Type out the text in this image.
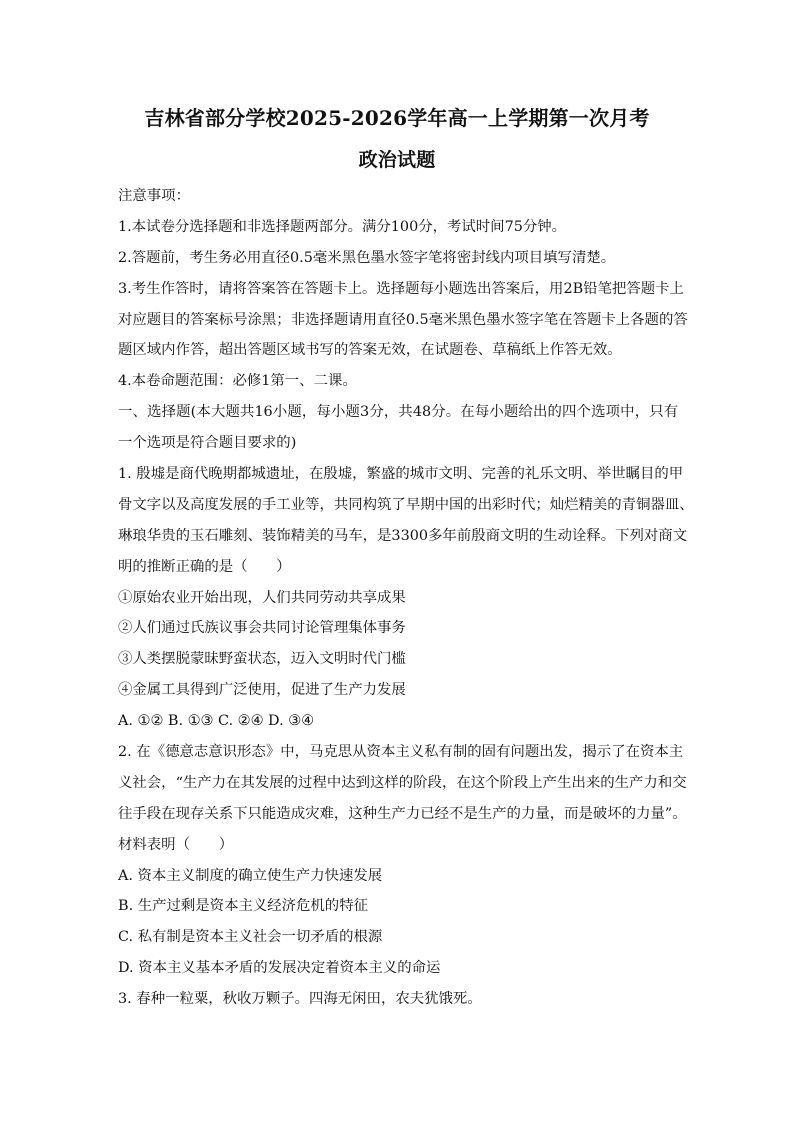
吉林省部分学校2025-2026学年高一上学期第一次月考
政治试题
注意事项：
1.本试卷分选择题和非选择题两部分。满分100分，考试时间75分钟。
2.答题前，考生务必用直径0.5毫米黑色墨水签字笔将密封线内项目填写清楚。
3.考生作答时，请将答案答在答题卡上。选择题每小题选出答案后，用2B铅笔把答题卡上
对应题目的答案标号涂黑；非选择题请用直径0.5毫米黑色墨水签字笔在答题卡上各题的答
题区域内作答，超出答题区域书写的答案无效，在试题卷、草稿纸上作答无效。
4.本卷命题范围：必修1第一、二课。
一、选择题(本大题共16小题，每小题3分，共48分。在每小题给出的四个选项中，只有
一个选项是符合题目要求的)
1. 殷墟是商代晚期都城遗址，在殷墟，繁盛的城市文明、完善的礼乐文明、举世瞩目的甲
骨文字以及高度发展的手工业等，共同构筑了早期中国的出彩时代；灿烂精美的青铜器皿、
琳琅华贵的玉石雕刻、装饰精美的马车，是3300多年前殷商文明的生动诠释。下列对商文
明的推断正确的是（　　）
①原始农业开始出现，人们共同劳动共享成果
②人们通过氏族议事会共同讨论管理集体事务
③人类摆脱蒙昧野蛮状态，迈入文明时代门槛
④金属工具得到广泛使用，促进了生产力发展
A. ①② B. ①③ C. ②④ D. ③④
2. 在《德意志意识形态》中，马克思从资本主义私有制的固有问题出发，揭示了在资本主
义社会，“生产力在其发展的过程中达到这样的阶段，在这个阶段上产生出来的生产力和交
往手段在现存关系下只能造成灾难，这种生产力已经不是生产的力量，而是破坏的力量”。
材料表明（　　）
A. 资本主义制度的确立使生产力快速发展
B. 生产过剩是资本主义经济危机的特征
C. 私有制是资本主义社会一切矛盾的根源
D. 资本主义基本矛盾的发展决定着资本主义的命运
3. 春种一粒粟，秋收万颗子。四海无闲田，农夫犹饿死。
